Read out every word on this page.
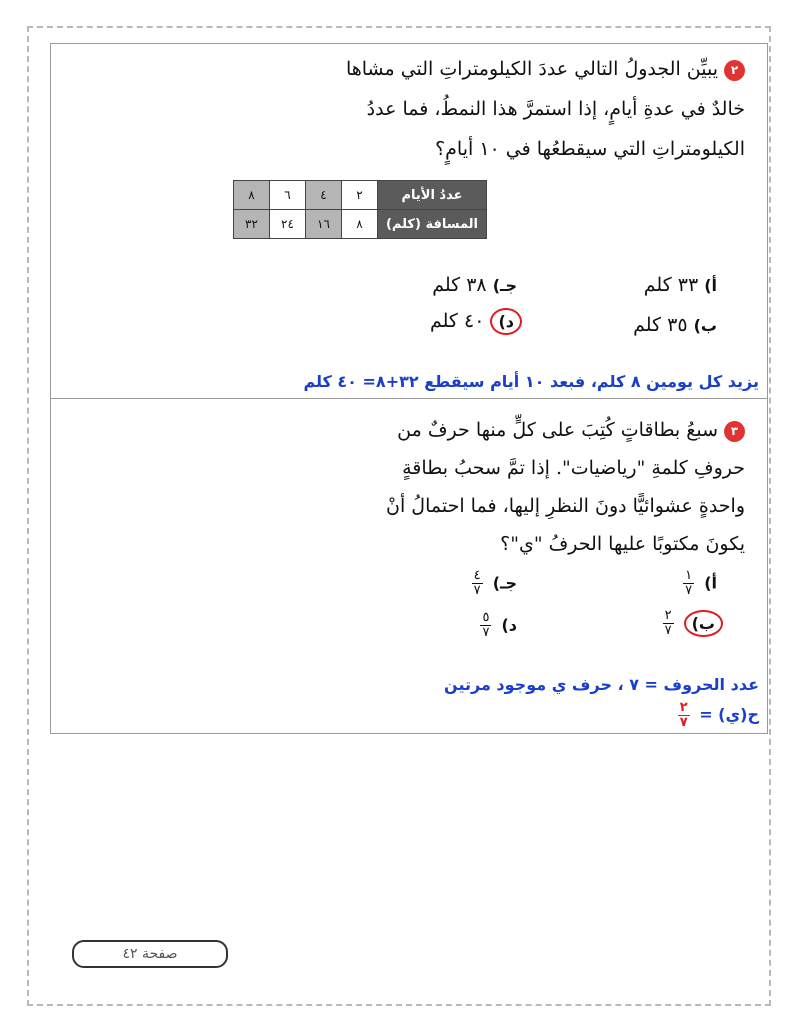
٢يبيِّن الجدولُ التالي عددَ الكيلومتراتِ التي مشاها
خالدٌ في عدةِ أيامٍ، إذا استمرَّ هذا النمطُ، فما عددُ
الكيلومتراتِ التي سيقطعُها في ١٠ أيامٍ؟
عددُ الأيام	٢	٤	٦	٨
المسافة (كلم)	٨	١٦	٢٤	٣٢
أ) ٣٣ كلم
جـ) ٣٨ كلم
ب) ٣٥ كلم
د) ٤٠ كلم
يزيد كل يومين ٨ كلم، فبعد ١٠ أيام سيقطع ٣٢+٨= ٤٠ كلم
٣سبعُ بطاقاتٍ كُتِبَ على كلٍّ منها حرفٌ من
حروفِ كلمةِ "رياضيات". إذا تمَّ سحبُ بطاقةٍ
واحدةٍ عشوائيًّا دونَ النظرِ إليها، فما احتمالُ أنْ
يكونَ مكتوبًا عليها الحرفُ "ي"؟
أ)
$\frac{١}{٧}$
جـ)
$\frac{٤}{٧}$
ب)
$\frac{٢}{٧}$
د)
$\frac{٥}{٧}$
عدد الحروف = ٧ ، حرف ي موجود مرتين
ح(ي) =
$\frac{٢}{٧}$
صفحة ٤٢
